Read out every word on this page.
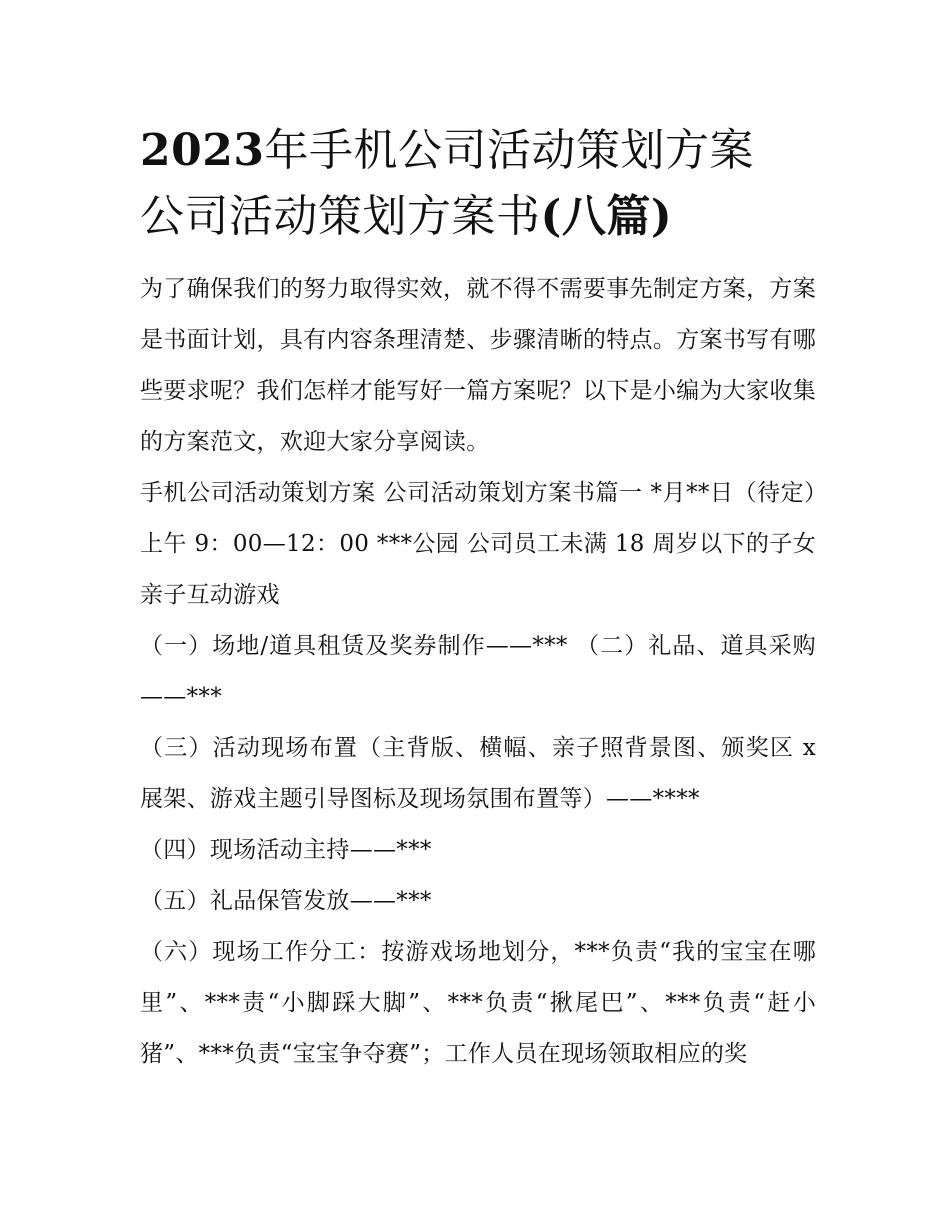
2023年手机公司活动策划方案
公司活动策划方案书(八篇)

为了确保我们的努力取得实效，就不得不需要事先制定方案，方案是书面计划，具有内容条理清楚、步骤清晰的特点。方案书写有哪些要求呢？我们怎样才能写好一篇方案呢？以下是小编为大家收集的方案范文，欢迎大家分享阅读。

手机公司活动策划方案 公司活动策划方案书篇一 *月**日（待定）上午 9：00—12：00 ***公园 公司员工未满 18 周岁以下的子女 亲子互动游戏

（一）场地/道具租赁及奖券制作——*** （二）礼品、道具采购——***

（三）活动现场布置（主背版、横幅、亲子照背景图、颁奖区 x 展架、游戏主题引导图标及现场氛围布置等）——****

（四）现场活动主持——***

（五）礼品保管发放——***

（六）现场工作分工：按游戏场地划分，***负责“我的宝宝在哪里”、***责“小脚踩大脚”、***负责“揪尾巴”、***负责“赶小猪”、***负责“宝宝争夺赛”；工作人员在现场领取相应的奖
